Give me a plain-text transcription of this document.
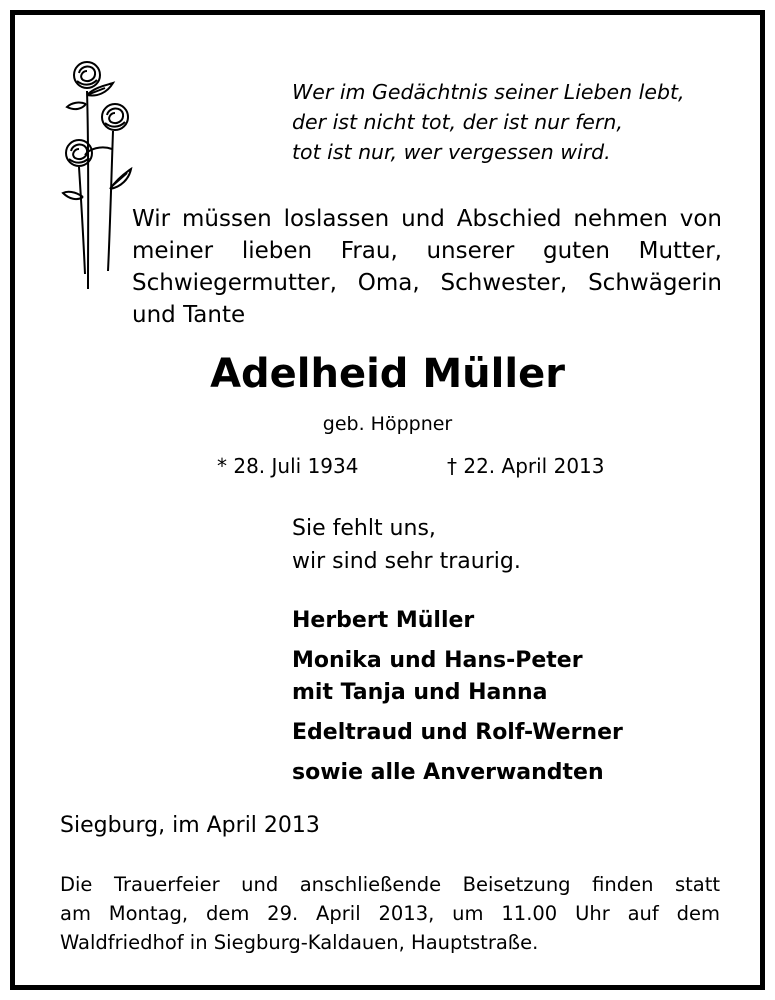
Wer im Gedächtnis seiner Lieben lebt,
der ist nicht tot, der ist nur fern,
tot ist nur, wer vergessen wird.
Wir müssen loslassen und Abschied nehmen von
meiner lieben Frau, unserer guten Mutter,
Schwiegermutter, Oma, Schwester, Schwägerin
und Tante
Adelheid Müller
geb. Höppner
* 28. Juli 1934	† 22. April 2013
Sie fehlt uns,
wir sind sehr traurig.
Herbert Müller
Monika und Hans-Peter
mit Tanja und Hanna
Edeltraud und Rolf-Werner
sowie alle Anverwandten
Siegburg, im April 2013
Die Trauerfeier und anschließende Beisetzung finden statt
am Montag, dem 29. April 2013, um 11.00 Uhr auf dem
Waldfriedhof in Siegburg-Kaldauen, Hauptstraße.
